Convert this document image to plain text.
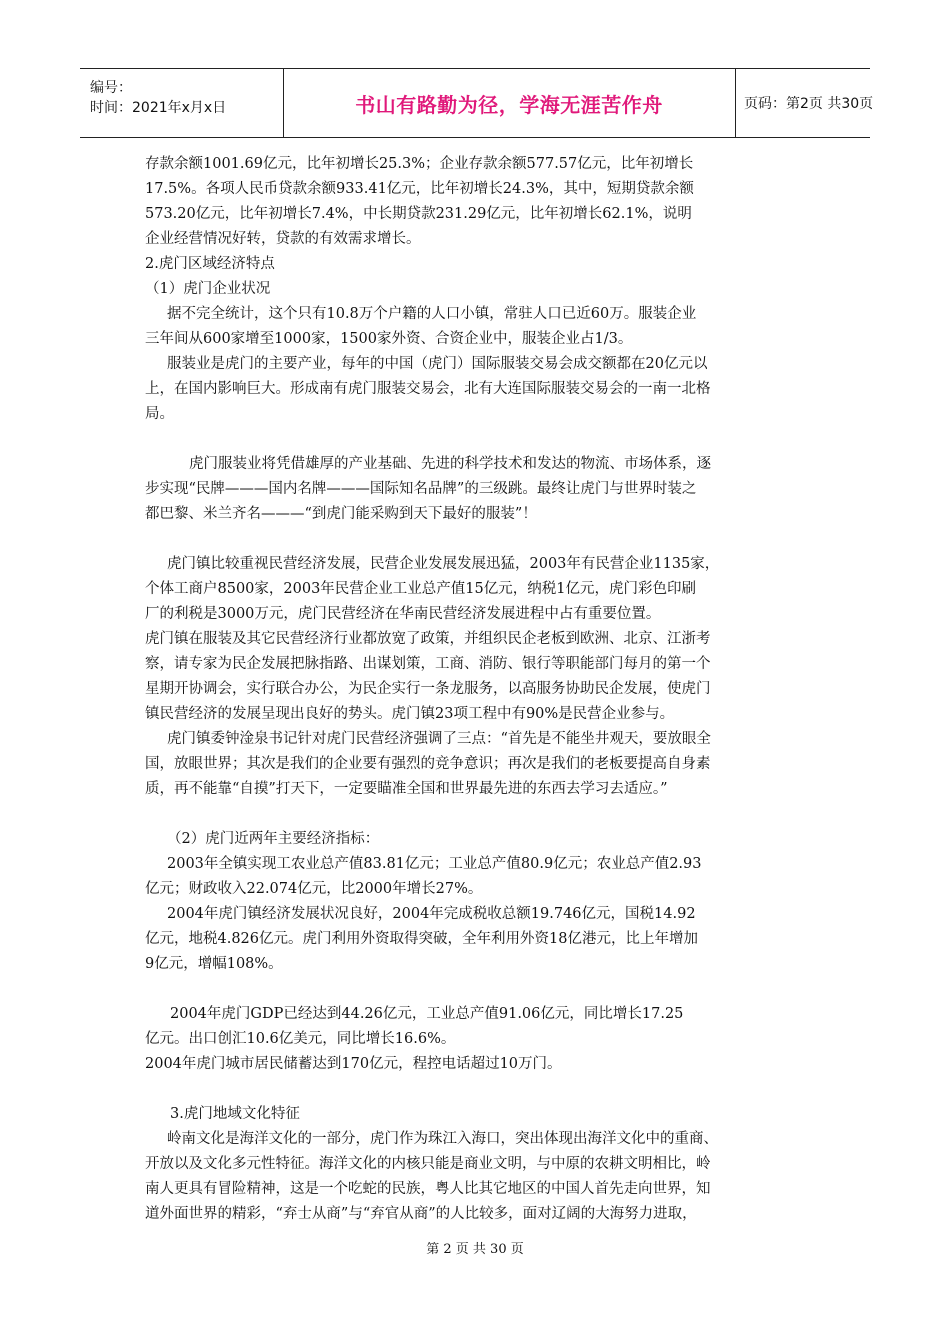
编号：
时间：2021年x月x日	书山有路勤为径，学海无涯苦作舟	页码：第2页 共30页
存款余额1001.69亿元，比年初增长25.3%；企业存款余额577.57亿元，比年初增长
17.5%。各项人民币贷款余额933.41亿元，比年初增长24.3%，其中，短期贷款余额
573.20亿元，比年初增长7.4%，中长期贷款231.29亿元，比年初增长62.1%，说明
企业经营情况好转，贷款的有效需求增长。
2.虎门区域经济特点
（1）虎门企业状况
据不完全统计，这个只有10.8万个户籍的人口小镇，常驻人口已近60万。服装企业
三年间从600家增至1000家，1500家外资、合资企业中，服装企业占1/3。
服装业是虎门的主要产业，每年的中国（虎门）国际服装交易会成交额都在20亿元以
上，在国内影响巨大。形成南有虎门服装交易会，北有大连国际服装交易会的一南一北格
局。
虎门服装业将凭借雄厚的产业基础、先进的科学技术和发达的物流、市场体系，逐
步实现“民牌———国内名牌———国际知名品牌”的三级跳。最终让虎门与世界时装之
都巴黎、米兰齐名———“到虎门能采购到天下最好的服装”！
虎门镇比较重视民营经济发展，民营企业发展发展迅猛，2003年有民营企业1135家，
个体工商户8500家，2003年民营企业工业总产值15亿元，纳税1亿元，虎门彩色印刷
厂的利税是3000万元，虎门民营经济在华南民营经济发展进程中占有重要位置。
虎门镇在服装及其它民营经济行业都放宽了政策，并组织民企老板到欧洲、北京、江浙考
察，请专家为民企发展把脉指路、出谋划策，工商、消防、银行等职能部门每月的第一个
星期开协调会，实行联合办公，为民企实行一条龙服务，以高服务协助民企发展，使虎门
镇民营经济的发展呈现出良好的势头。虎门镇23项工程中有90%是民营企业参与。
虎门镇委钟淦泉书记针对虎门民营经济强调了三点：“首先是不能坐井观天，要放眼全
国，放眼世界；其次是我们的企业要有强烈的竞争意识；再次是我们的老板要提高自身素
质，再不能靠“自摸”打天下，一定要瞄准全国和世界最先进的东西去学习去适应。”
（2）虎门近两年主要经济指标：
2003年全镇实现工农业总产值83.81亿元；工业总产值80.9亿元；农业总产值2.93
亿元；财政收入22.074亿元，比2000年增长27%。
2004年虎门镇经济发展状况良好，2004年完成税收总额19.746亿元，国税14.92
亿元，地税4.826亿元。虎门利用外资取得突破，全年利用外资18亿港元，比上年增加
9亿元，增幅108%。
2004年虎门GDP已经达到44.26亿元，工业总产值91.06亿元，同比增长17.25
亿元。出口创汇10.6亿美元，同比增长16.6%。
2004年虎门城市居民储蓄达到170亿元，程控电话超过10万门。
3.虎门地域文化特征
岭南文化是海洋文化的一部分，虎门作为珠江入海口，突出体现出海洋文化中的重商、
开放以及文化多元性特征。海洋文化的内核只能是商业文明，与中原的农耕文明相比，岭
南人更具有冒险精神，这是一个吃蛇的民族，粤人比其它地区的中国人首先走向世界，知
道外面世界的精彩，“弃士从商”与“弃官从商”的人比较多，面对辽阔的大海努力进取，
第 2 页 共 30 页
